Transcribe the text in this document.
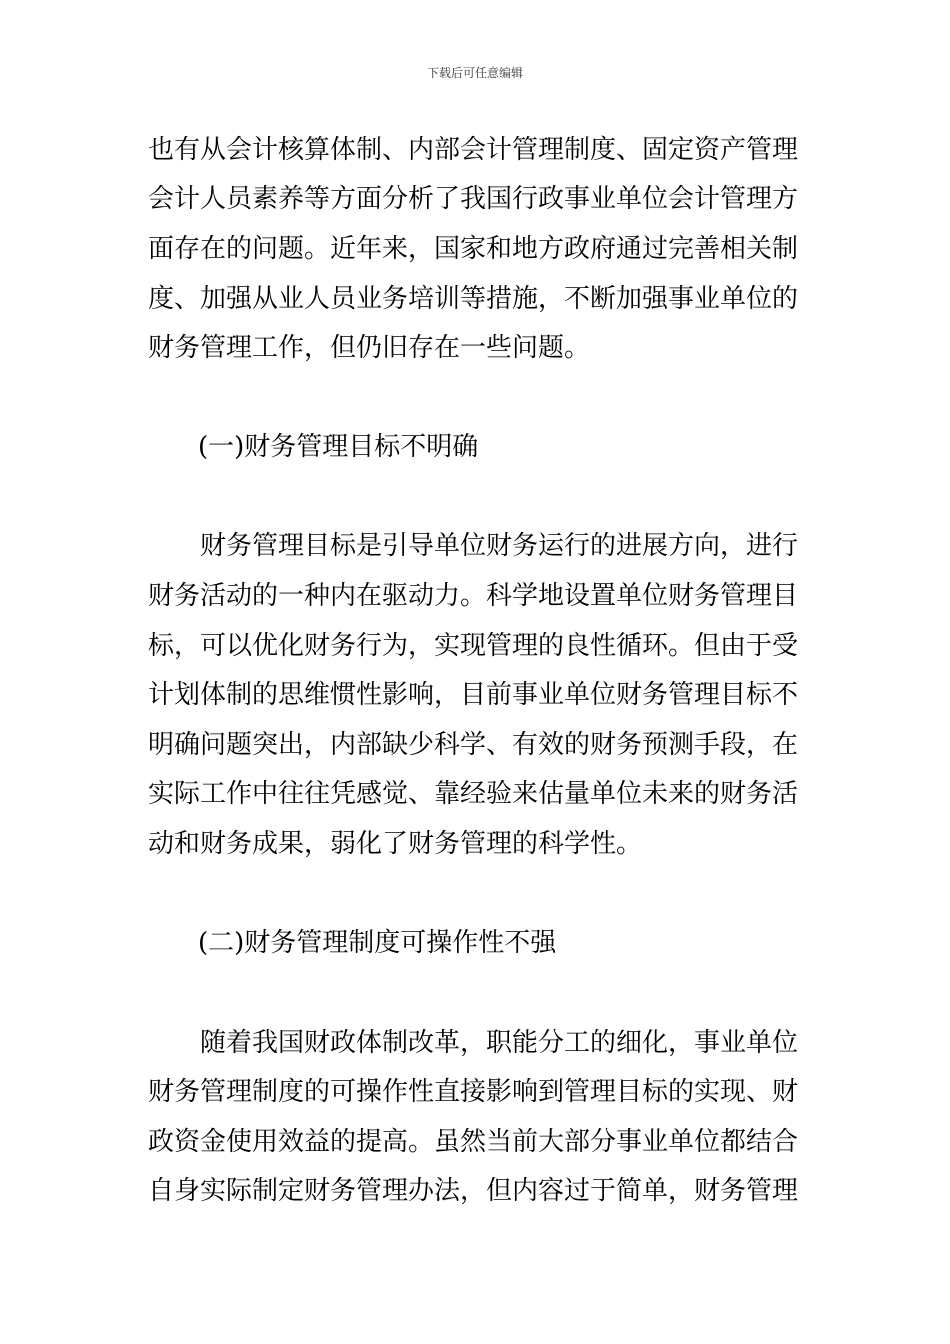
下载后可任意编辑
也有从会计核算体制、内部会计管理制度、固定资产管理
会计人员素养等方面分析了我国行政事业单位会计管理方
面存在的问题。近年来，国家和地方政府通过完善相关制
度、加强从业人员业务培训等措施，不断加强事业单位的
财务管理工作，但仍旧存在一些问题。
(一)财务管理目标不明确
　　财务管理目标是引导单位财务运行的进展方向，进行
财务活动的一种内在驱动力。科学地设置单位财务管理目
标，可以优化财务行为，实现管理的良性循环。但由于受
计划体制的思维惯性影响，目前事业单位财务管理目标不
明确问题突出，内部缺少科学、有效的财务预测手段，在
实际工作中往往凭感觉、靠经验来估量单位未来的财务活
动和财务成果，弱化了财务管理的科学性。
(二)财务管理制度可操作性不强
　　随着我国财政体制改革，职能分工的细化，事业单位
财务管理制度的可操作性直接影响到管理目标的实现、财
政资金使用效益的提高。虽然当前大部分事业单位都结合
自身实际制定财务管理办法，但内容过于简单，财务管理
